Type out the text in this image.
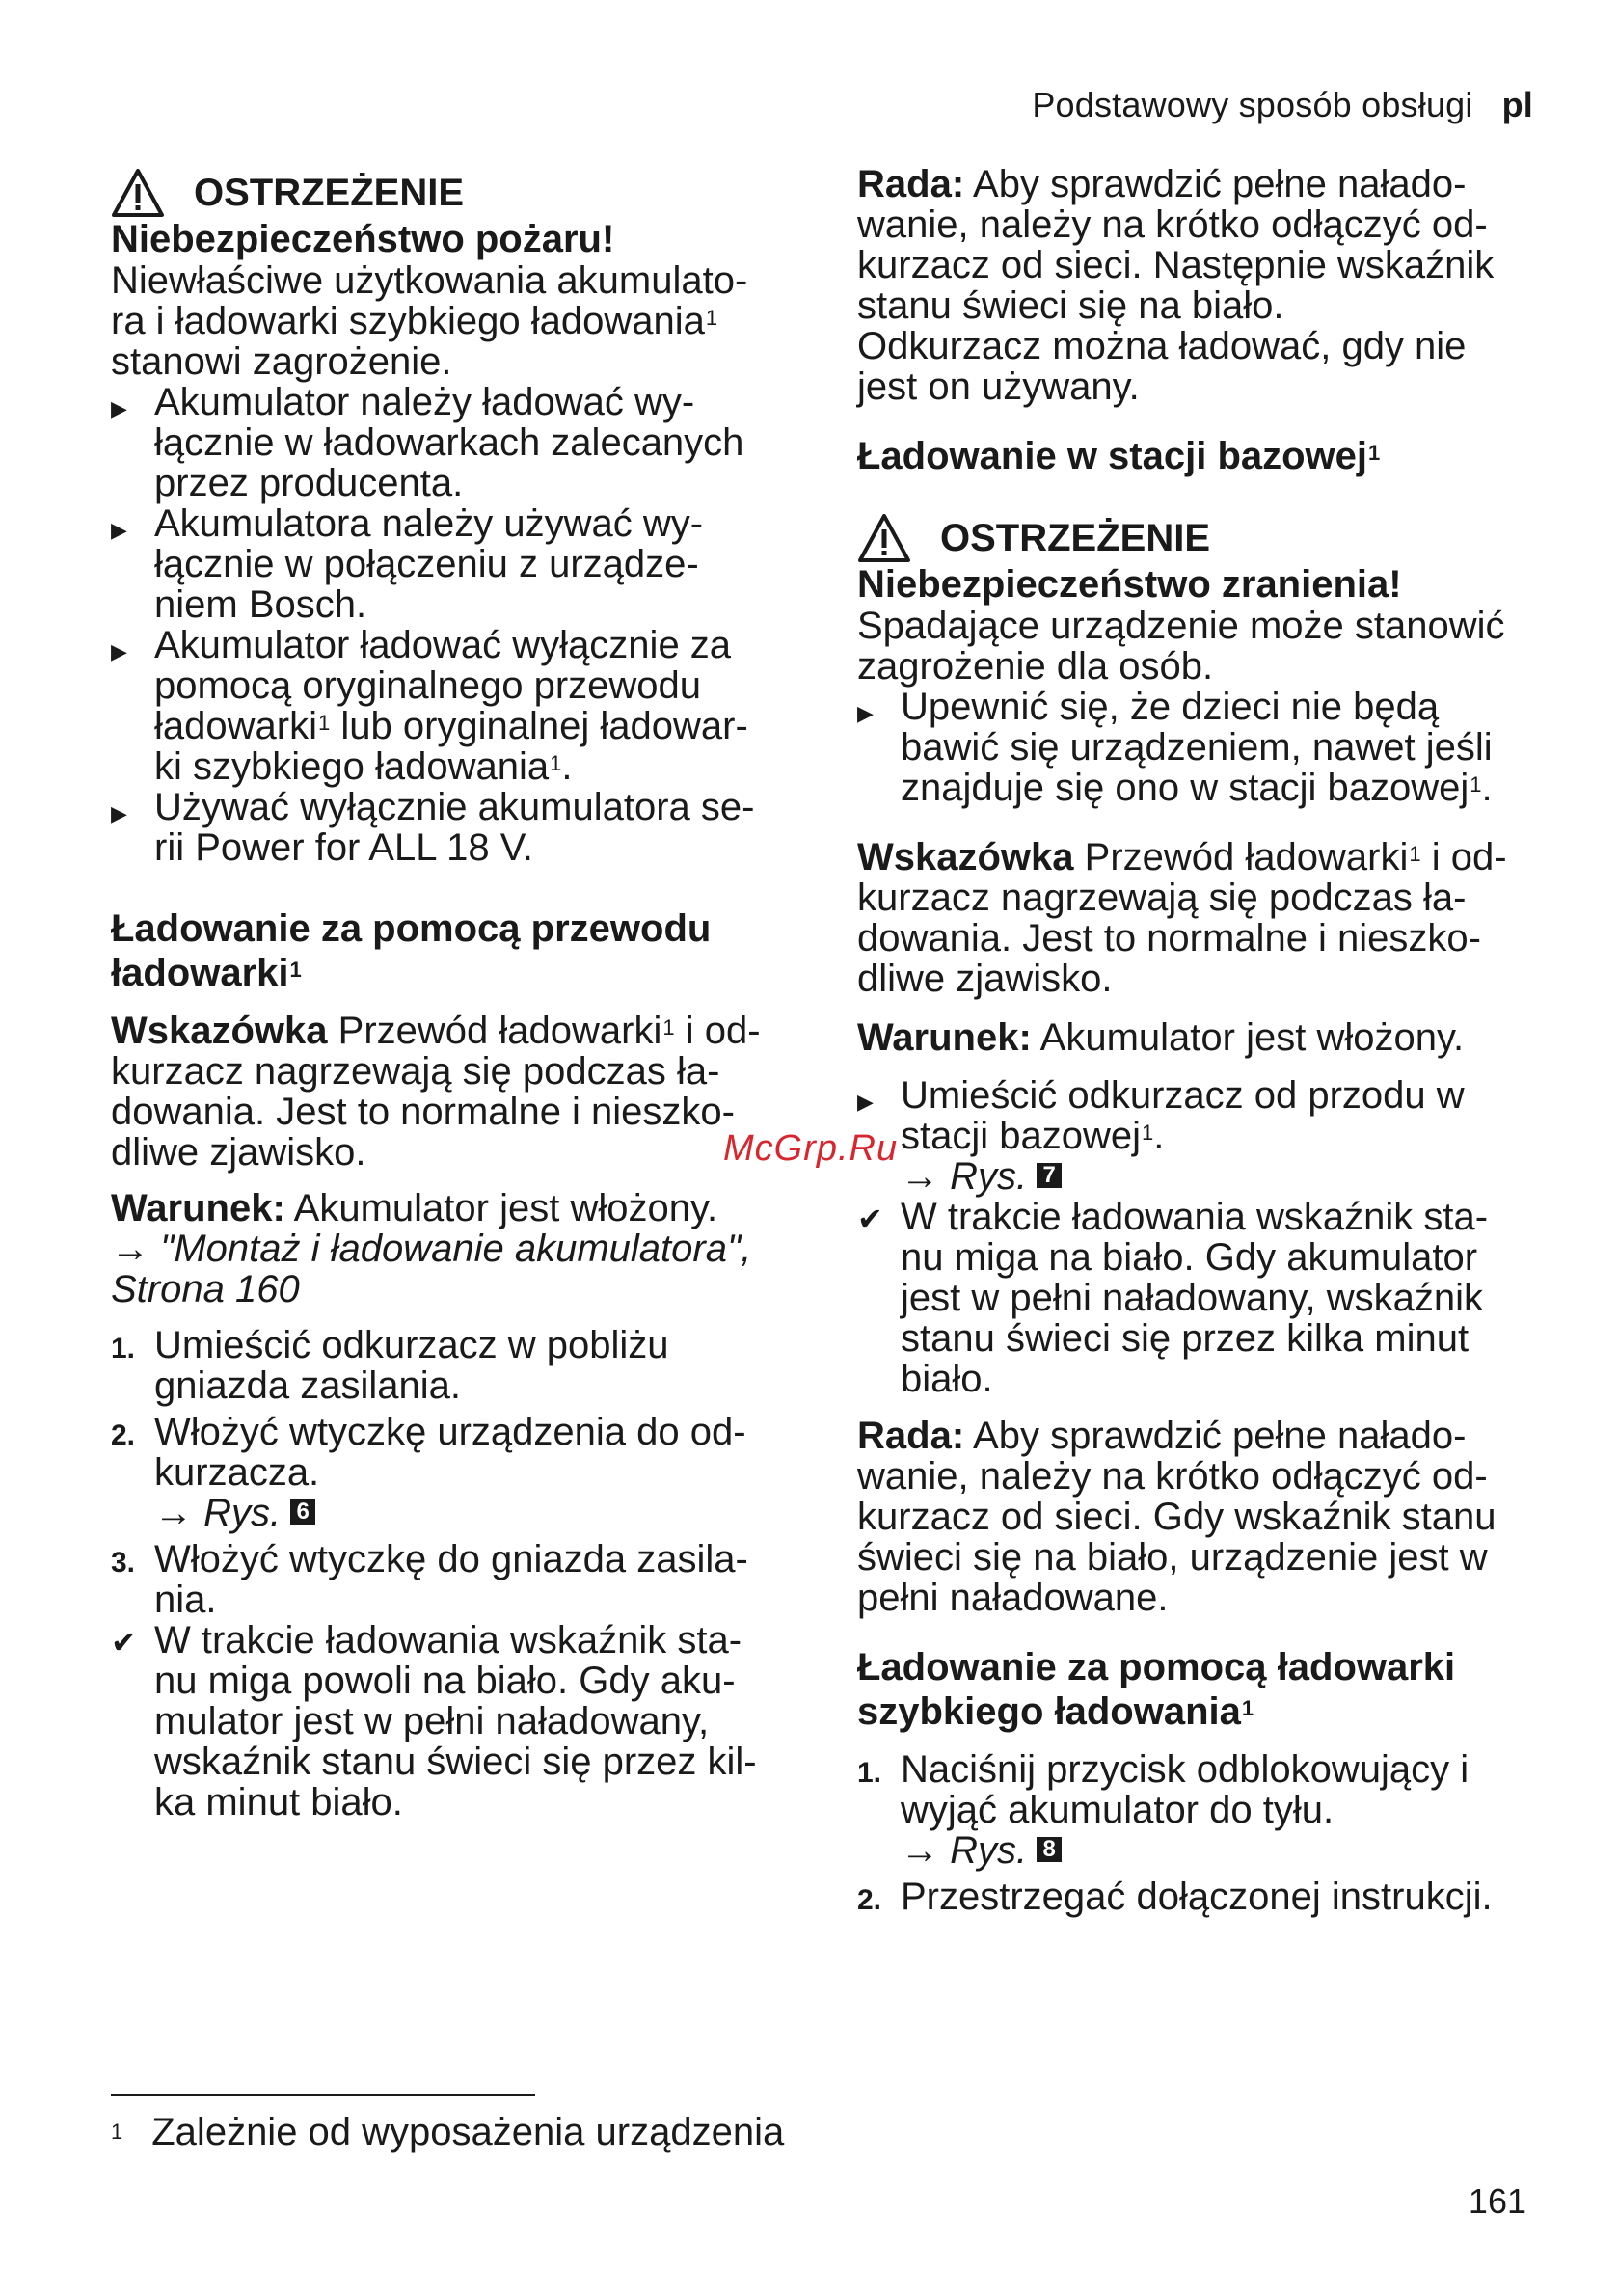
Podstawowy sposób obsługi pl
OSTRZEŻENIE

Niebezpieczeństwo pożaru!

Niewłaściwe użytkowania akumulato-

ra i ładowarki szybkiego ładowania$^1$

stanowi zagrożenie.

▶ Akumulator należy ładować wy-

łącznie w ładowarkach zalecanych

przez producenta.

▶ Akumulatora należy używać wy-

łącznie w połączeniu z urządze-

niem Bosch.

▶ Akumulator ładować wyłącznie za

pomocą oryginalnego przewodu

ładowarki$^1$ lub oryginalnej ładowar-

ki szybkiego ładowania$^1$.

▶ Używać wyłącznie akumulatora se-

rii Power for ALL 18 V.

Ładowanie za pomocą przewodu

ładowarki$^1$

Wskazówka Przewód ładowarki$^1$ i od-

kurzacz nagrzewają się podczas ła-

dowania. Jest to normalne i nieszko-

dliwe zjawisko.

Warunek: Akumulator jest włożony.

→ "Montaż i ładowanie akumulatora",

Strona 160

1. Umieścić odkurzacz w pobliżu

gniazda zasilania.

2. Włożyć wtyczkę urządzenia do od-

kurzacza.

→ Rys. 6

3. Włożyć wtyczkę do gniazda zasila-

nia.

✔ W trakcie ładowania wskaźnik sta-

nu miga powoli na biało. Gdy aku-

mulator jest w pełni naładowany,

wskaźnik stanu świeci się przez kil-

ka minut biało.

Rada: Aby sprawdzić pełne nałado-

wanie, należy na krótko odłączyć od-

kurzacz od sieci. Następnie wskaźnik

stanu świeci się na biało.

Odkurzacz można ładować, gdy nie

jest on używany.

Ładowanie w stacji bazowej$^1$

OSTRZEŻENIE

Niebezpieczeństwo zranienia!

Spadające urządzenie może stanowić

zagrożenie dla osób.

▶ Upewnić się, że dzieci nie będą

bawić się urządzeniem, nawet jeśli

znajduje się ono w stacji bazowej$^1$.

Wskazówka Przewód ładowarki$^1$ i od-

kurzacz nagrzewają się podczas ła-

dowania. Jest to normalne i nieszko-

dliwe zjawisko.

Warunek: Akumulator jest włożony.

▶ Umieścić odkurzacz od przodu w

stacji bazowej$^1$.

→ Rys. 7

✔ W trakcie ładowania wskaźnik sta-

nu miga na biało. Gdy akumulator

jest w pełni naładowany, wskaźnik

stanu świeci się przez kilka minut

biało.

Rada: Aby sprawdzić pełne nałado-

wanie, należy na krótko odłączyć od-

kurzacz od sieci. Gdy wskaźnik stanu

świeci się na biało, urządzenie jest w

pełni naładowane.

Ładowanie za pomocą ładowarki

szybkiego ładowania$^1$

1. Naciśnij przycisk odblokowujący i

wyjąć akumulator do tyłu.

→ Rys. 8

2. Przestrzegać dołączonej instrukcji.

McGrp.Ru
$^1$ Zależnie od wyposażenia urządzenia
161
